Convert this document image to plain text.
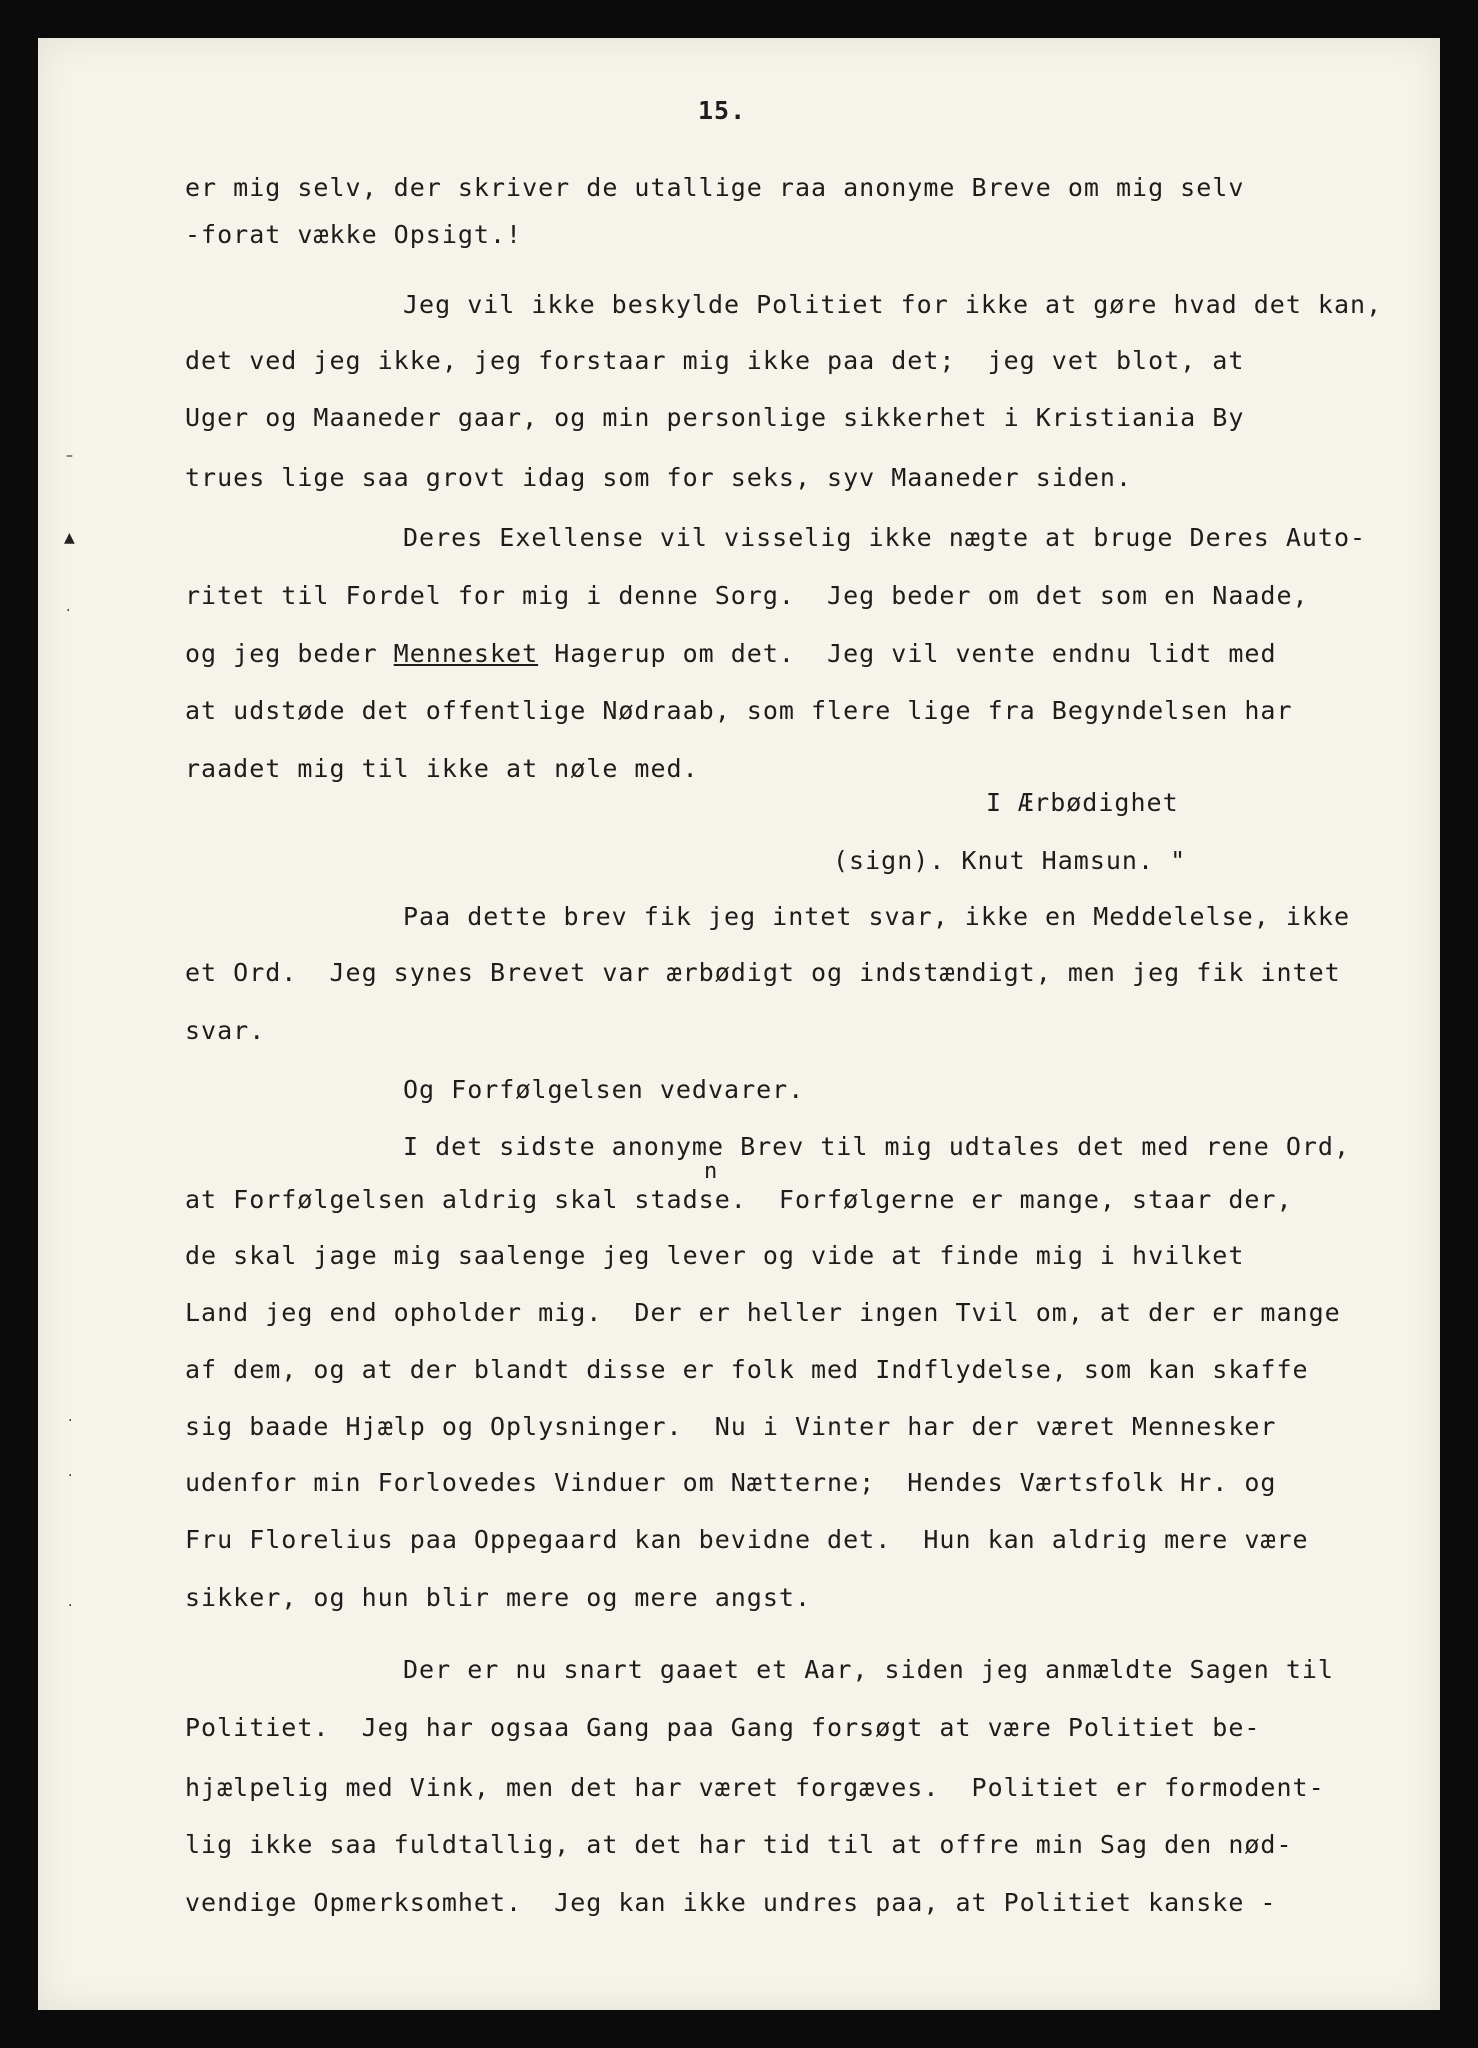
15.
er mig selv, der skriver de utallige raa anonyme Breve om mig selv
-forat vække Opsigt.!
Jeg vil ikke beskylde Politiet for ikke at gøre hvad det kan,
det ved jeg ikke, jeg forstaar mig ikke paa det;  jeg vet blot, at
Uger og Maaneder gaar, og min personlige sikkerhet i Kristiania By
trues lige saa grovt idag som for seks, syv Maaneder siden.
Deres Exellense vil visselig ikke nægte at bruge Deres Auto-
ritet til Fordel for mig i denne Sorg.  Jeg beder om det som en Naade,
og jeg beder Mennesket Hagerup om det.  Jeg vil vente endnu lidt med
at udstøde det offentlige Nødraab, som flere lige fra Begyndelsen har
raadet mig til ikke at nøle med.
I Ærbødighet
(sign). Knut Hamsun. "
Paa dette brev fik jeg intet svar, ikke en Meddelelse, ikke
et Ord.  Jeg synes Brevet var ærbødigt og indstændigt, men jeg fik intet
svar.
Og Forfølgelsen vedvarer.
I det sidste anonyme Brev til mig udtales det med rene Ord,
n
at Forfølgelsen aldrig skal stadse.  Forfølgerne er mange, staar der,
de skal jage mig saalenge jeg lever og vide at finde mig i hvilket
Land jeg end opholder mig.  Der er heller ingen Tvil om, at der er mange
af dem, og at der blandt disse er folk med Indflydelse, som kan skaffe
sig baade Hjælp og Oplysninger.  Nu i Vinter har der været Mennesker
udenfor min Forlovedes Vinduer om Nætterne;  Hendes Værtsfolk Hr. og
Fru Florelius paa Oppegaard kan bevidne det.  Hun kan aldrig mere være
sikker, og hun blir mere og mere angst.
Der er nu snart gaaet et Aar, siden jeg anmældte Sagen til
Politiet.  Jeg har ogsaa Gang paa Gang forsøgt at være Politiet be-
hjælpelig med Vink, men det har været forgæves.  Politiet er formodent-
lig ikke saa fuldtallig, at det har tid til at offre min Sag den nød-
vendige Opmerksomhet.  Jeg kan ikke undres paa, at Politiet kanske -
–
▲
·
·
·
·
